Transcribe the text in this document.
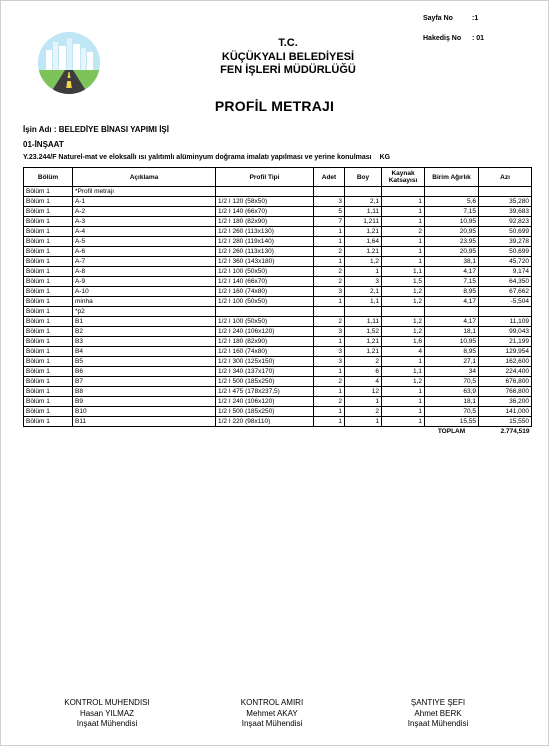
T.C.
KÜÇÜKYALI BELEDİYESİ
FEN İŞLERİ MÜDÜRLÜĞÜ
Sayfa No	:1
Hakediş No : 01
PROFİL METRAJI
İşin Adı : BELEDİYE BİNASI YAPIMI İŞİ
01-İNŞAAT
Y.23.244/F Naturel-mat ve eloksallı ısı yalıtımlı alüminyum doğrama imalatı yapılması ve yerine konulması KG
Bölüm	Açıklama	Profil Tipi	Adet	Boy	Kaynak Katsayısı	Birim Ağırlık	Azı
Bölüm 1	*Profil metrajı						
Bölüm 1	A-1	1/2 I 120 (58x50)	3	2,1	1	5,6	35,280
Bölüm 1	A-2	1/2 I 140 (66x70)	5	1,11	1	7,15	39,683
Bölüm 1	A-3	1/2 I 180 (82x90)	7	1,211	1	10,95	92,823
Bölüm 1	A-4	1/2 I 260 (113x130)	1	1,21	2	20,95	50,699
Bölüm 1	A-5	1/2 I 280 (119x140)	1	1,64	1	23,95	39,278
Bölüm 1	A-6	1/2 I 260 (113x130)	2	1,21	1	20,95	50,699
Bölüm 1	A-7	1/2 I 360 (143x180)	1	1,2	1	38,1	45,720
Bölüm 1	A-8	1/2 I 100 (50x50)	2	1	1,1	4,17	9,174
Bölüm 1	A-9	1/2 I 140 (66x70)	2	3	1,5	7,15	64,350
Bölüm 1	A-10	1/2 I 160 (74x80)	3	2,1	1,2	8,95	67,662
Bölüm 1	minha	1/2 I 100 (50x50)	1	1,1	1,2	4,17	-5,504
Bölüm 1	*p2						
Bölüm 1	B1	1/2 I 100 (50x50)	2	1,11	1,2	4,17	11,109
Bölüm 1	B2	1/2 I 240 (106x120)	3	1,52	1,2	18,1	99,043
Bölüm 1	B3	1/2 I 180 (82x90)	1	1,21	1,6	10,95	21,199
Bölüm 1	B4	1/2 I 160 (74x80)	3	1,21	4	8,95	129,954
Bölüm 1	B5	1/2 I 300 (125x150)	3	2	1	27,1	162,600
Bölüm 1	B6	1/2 I 340 (137x170)	1	6	1,1	34	224,400
Bölüm 1	B7	1/2 I 500 (185x250)	2	4	1,2	70,5	676,800
Bölüm 1	B8	1/2 I 475 (178x237,5)	1	12	1	63,9	766,800
Bölüm 1	B9	1/2 I 240 (106x120)	2	1	1	18,1	36,200
Bölüm 1	B10	1/2 I 500 (185x250)	1	2	1	70,5	141,000
Bölüm 1	B11	1/2 I 220 (98x110)	1	1	1	15,55	15,550
						TOPLAM	2.774,519
KONTROL MUHENDISI
Hasan YILMAZ
Inşaat Mühendisi
KONTROL AMIRI
Mehmet AKAY
Inşaat Mühendisi
ŞANTIYE ŞEFI
Ahmet BERK
Inşaat Mühendisi
